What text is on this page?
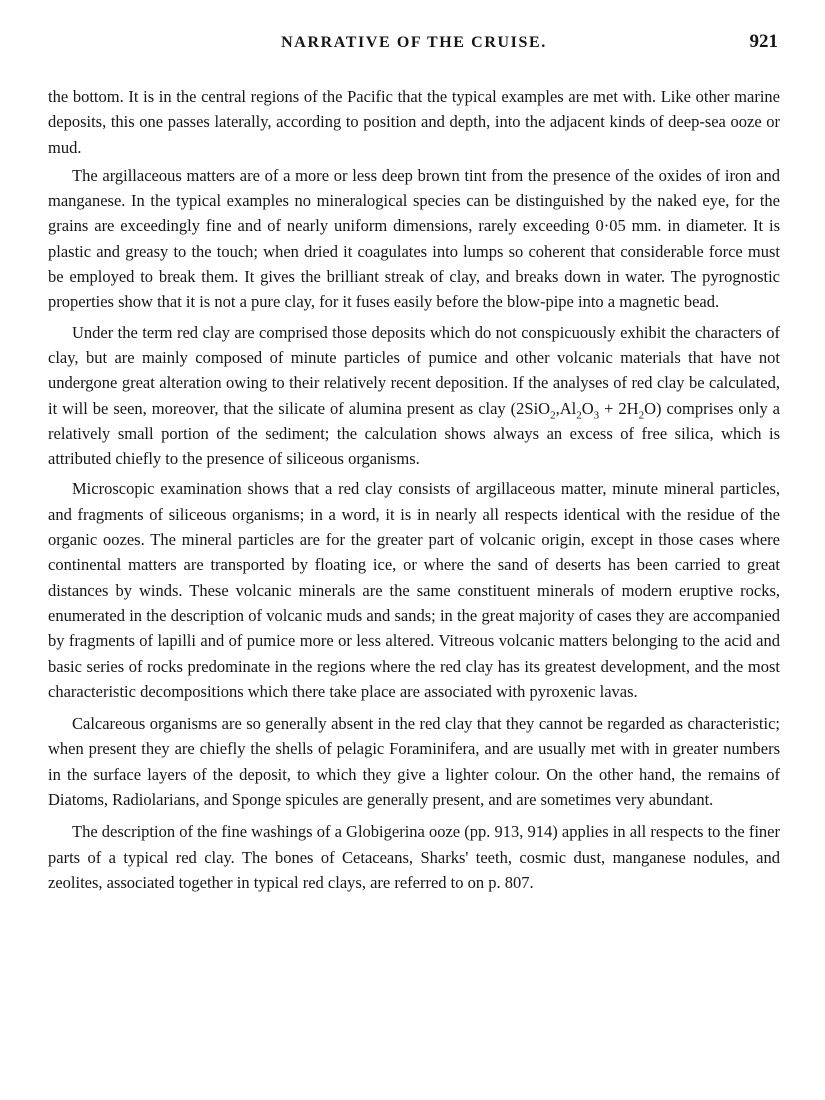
NARRATIVE OF THE CRUISE.	921

the bottom. It is in the central regions of the Pacific that the typical examples are met with. Like other marine deposits, this one passes laterally, according to position and depth, into the adjacent kinds of deep-sea ooze or mud.

The argillaceous matters are of a more or less deep brown tint from the presence of the oxides of iron and manganese. In the typical examples no mineralogical species can be distinguished by the naked eye, for the grains are exceedingly fine and of nearly uniform dimensions, rarely exceeding 0·05 mm. in diameter. It is plastic and greasy to the touch; when dried it coagulates into lumps so coherent that considerable force must be employed to break them. It gives the brilliant streak of clay, and breaks down in water. The pyrognostic properties show that it is not a pure clay, for it fuses easily before the blow-pipe into a magnetic bead.

Under the term red clay are comprised those deposits which do not conspicuously exhibit the characters of clay, but are mainly composed of minute particles of pumice and other volcanic materials that have not undergone great alteration owing to their relatively recent deposition. If the analyses of red clay be calculated, it will be seen, moreover, that the silicate of alumina present as clay $(2SiO_2,Al_2O_3 + 2H_2O)$ comprises only a relatively small portion of the sediment; the calculation shows always an excess of free silica, which is attributed chiefly to the presence of siliceous organisms.

Microscopic examination shows that a red clay consists of argillaceous matter, minute mineral particles, and fragments of siliceous organisms; in a word, it is in nearly all respects identical with the residue of the organic oozes. The mineral particles are for the greater part of volcanic origin, except in those cases where continental matters are transported by floating ice, or where the sand of deserts has been carried to great distances by winds. These volcanic minerals are the same constituent minerals of modern eruptive rocks, enumerated in the description of volcanic muds and sands; in the great majority of cases they are accompanied by fragments of lapilli and of pumice more or less altered. Vitreous volcanic matters belonging to the acid and basic series of rocks predominate in the regions where the red clay has its greatest development, and the most characteristic decompositions which there take place are associated with pyroxenic lavas.

Calcareous organisms are so generally absent in the red clay that they cannot be regarded as characteristic; when present they are chiefly the shells of pelagic Foraminifera, and are usually met with in greater numbers in the surface layers of the deposit, to which they give a lighter colour. On the other hand, the remains of Diatoms, Radiolarians, and Sponge spicules are generally present, and are sometimes very abundant.

The description of the fine washings of a Globigerina ooze (pp. 913, 914) applies in all respects to the finer parts of a typical red clay. The bones of Cetaceans, Sharks' teeth, cosmic dust, manganese nodules, and zeolites, associated together in typical red clays, are referred to on p. 807.
